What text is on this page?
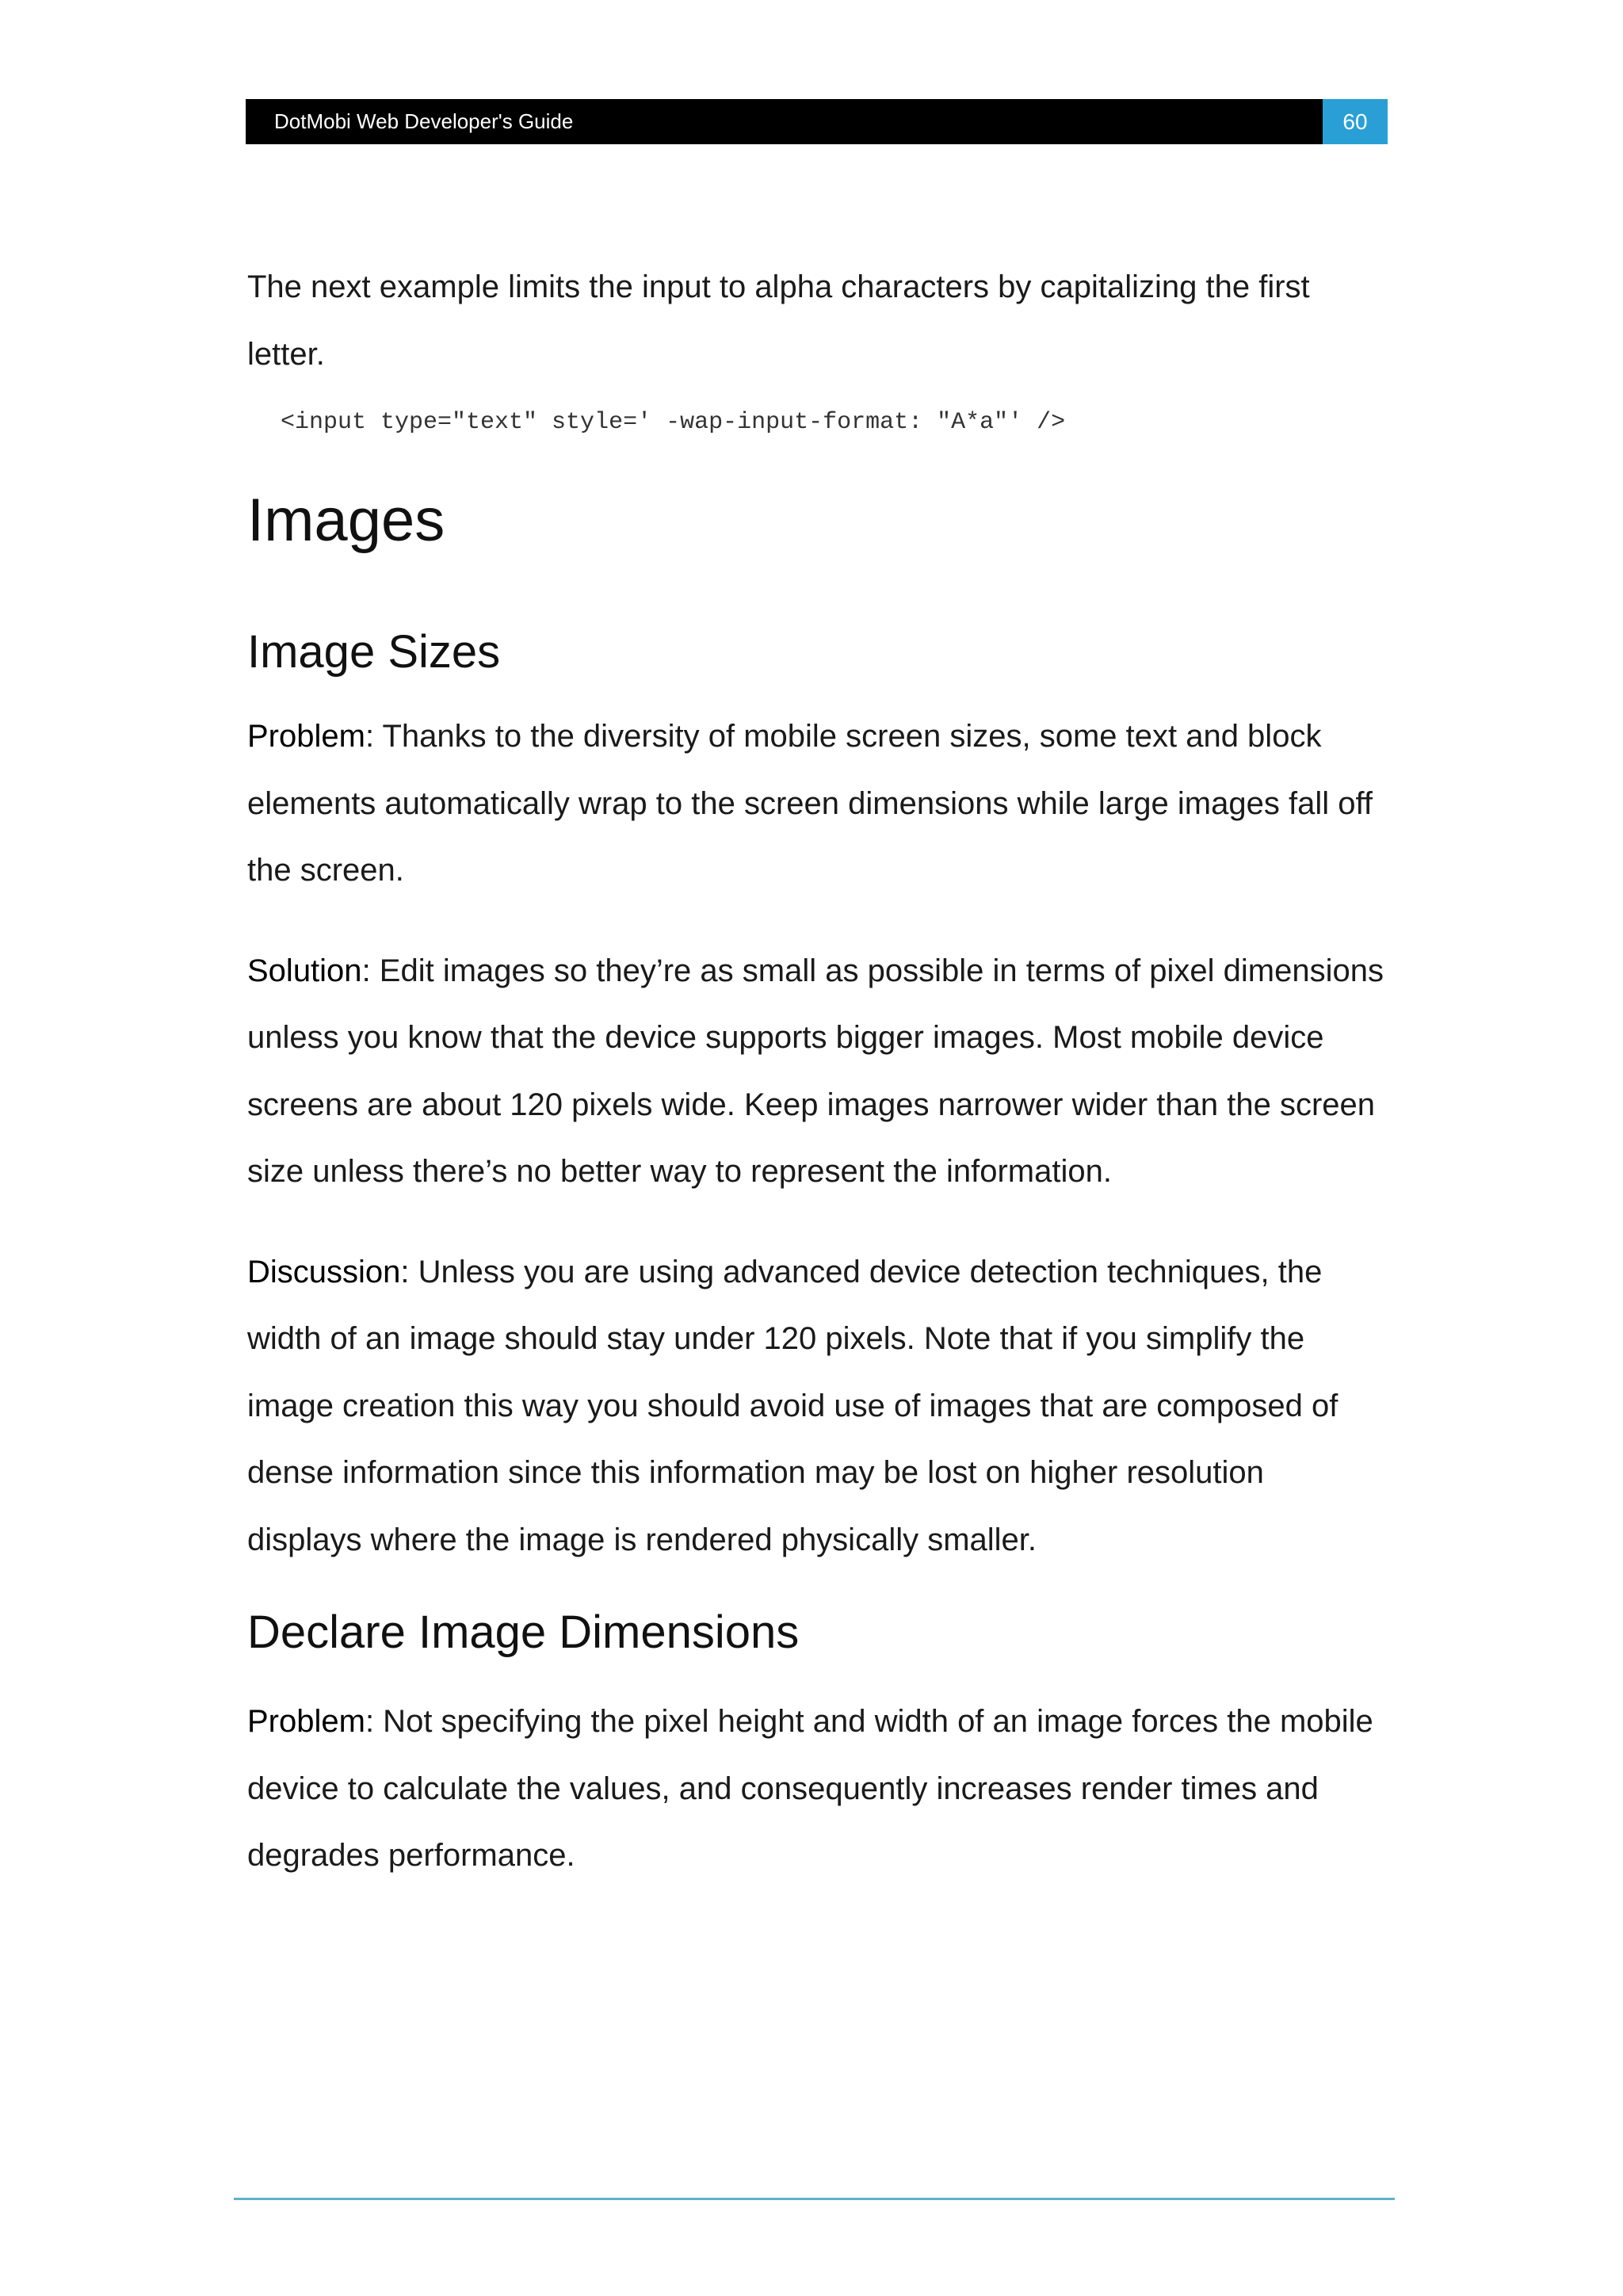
DotMobi Web Developer's Guide	60

The next example limits the input to alpha characters by capitalizing the first

letter.

<input type="text" style=' -wap-input-format: "A*a"' />
Images
Image Sizes

Problem: Thanks to the diversity of mobile screen sizes, some text and block

elements automatically wrap to the screen dimensions while large images fall off

the screen.

Solution: Edit images so they’re as small as possible in terms of pixel dimensions

unless you know that the device supports bigger images. Most mobile device

screens are about 120 pixels wide. Keep images narrower wider than the screen

size unless there’s no better way to represent the information.

Discussion: Unless you are using advanced device detection techniques, the

width of an image should stay under 120 pixels. Note that if you simplify the

image creation this way you should avoid use of images that are composed of

dense information since this information may be lost on higher resolution

displays where the image is rendered physically smaller.

Declare Image Dimensions

Problem: Not specifying the pixel height and width of an image forces the mobile

device to calculate the values, and consequently increases render times and

degrades performance.
